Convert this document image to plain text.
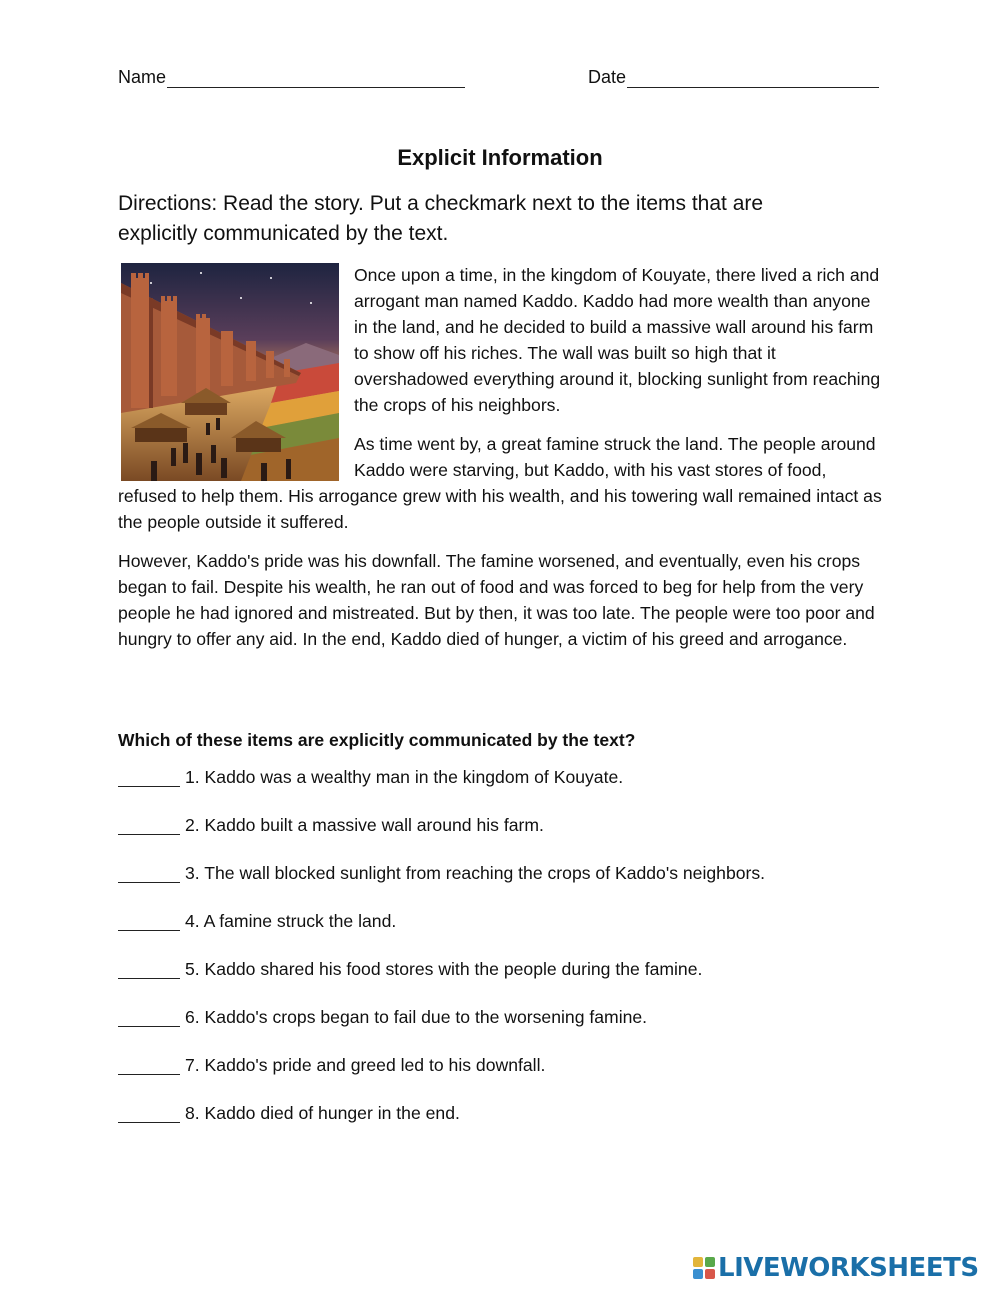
Name	Date
Explicit Information
Directions: Read the story. Put a checkmark next to the items that are explicitly communicated by the text.

Once upon a time, in the kingdom of Kouyate, there lived a rich and arrogant man named Kaddo. Kaddo had more wealth than anyone in the land, and he decided to build a massive wall around his farm to show off his riches. The wall was built so high that it overshadowed everything around it, blocking sunlight from reaching the crops of his neighbors.

As time went by, a great famine struck the land. The people around Kaddo were starving, but Kaddo, with his vast stores of food, refused to help them. His arrogance grew with his wealth, and his towering wall remained intact as the people outside it suffered.

However, Kaddo's pride was his downfall. The famine worsened, and eventually, even his crops began to fail. Despite his wealth, he ran out of food and was forced to beg for help from the very people he had ignored and mistreated. But by then, it was too late. The people were too poor and hungry to offer any aid. In the end, Kaddo died of hunger, a victim of his greed and arrogance.

Which of these items are explicitly communicated by the text?
1. Kaddo was a wealthy man in the kingdom of Kouyate.
2. Kaddo built a massive wall around his farm.
3. The wall blocked sunlight from reaching the crops of Kaddo's neighbors.
4. A famine struck the land.
5. Kaddo shared his food stores with the people during the famine.
6. Kaddo's crops began to fail due to the worsening famine.
7. Kaddo's pride and greed led to his downfall.
8. Kaddo died of hunger in the end.
LIVEWORKSHEETS
